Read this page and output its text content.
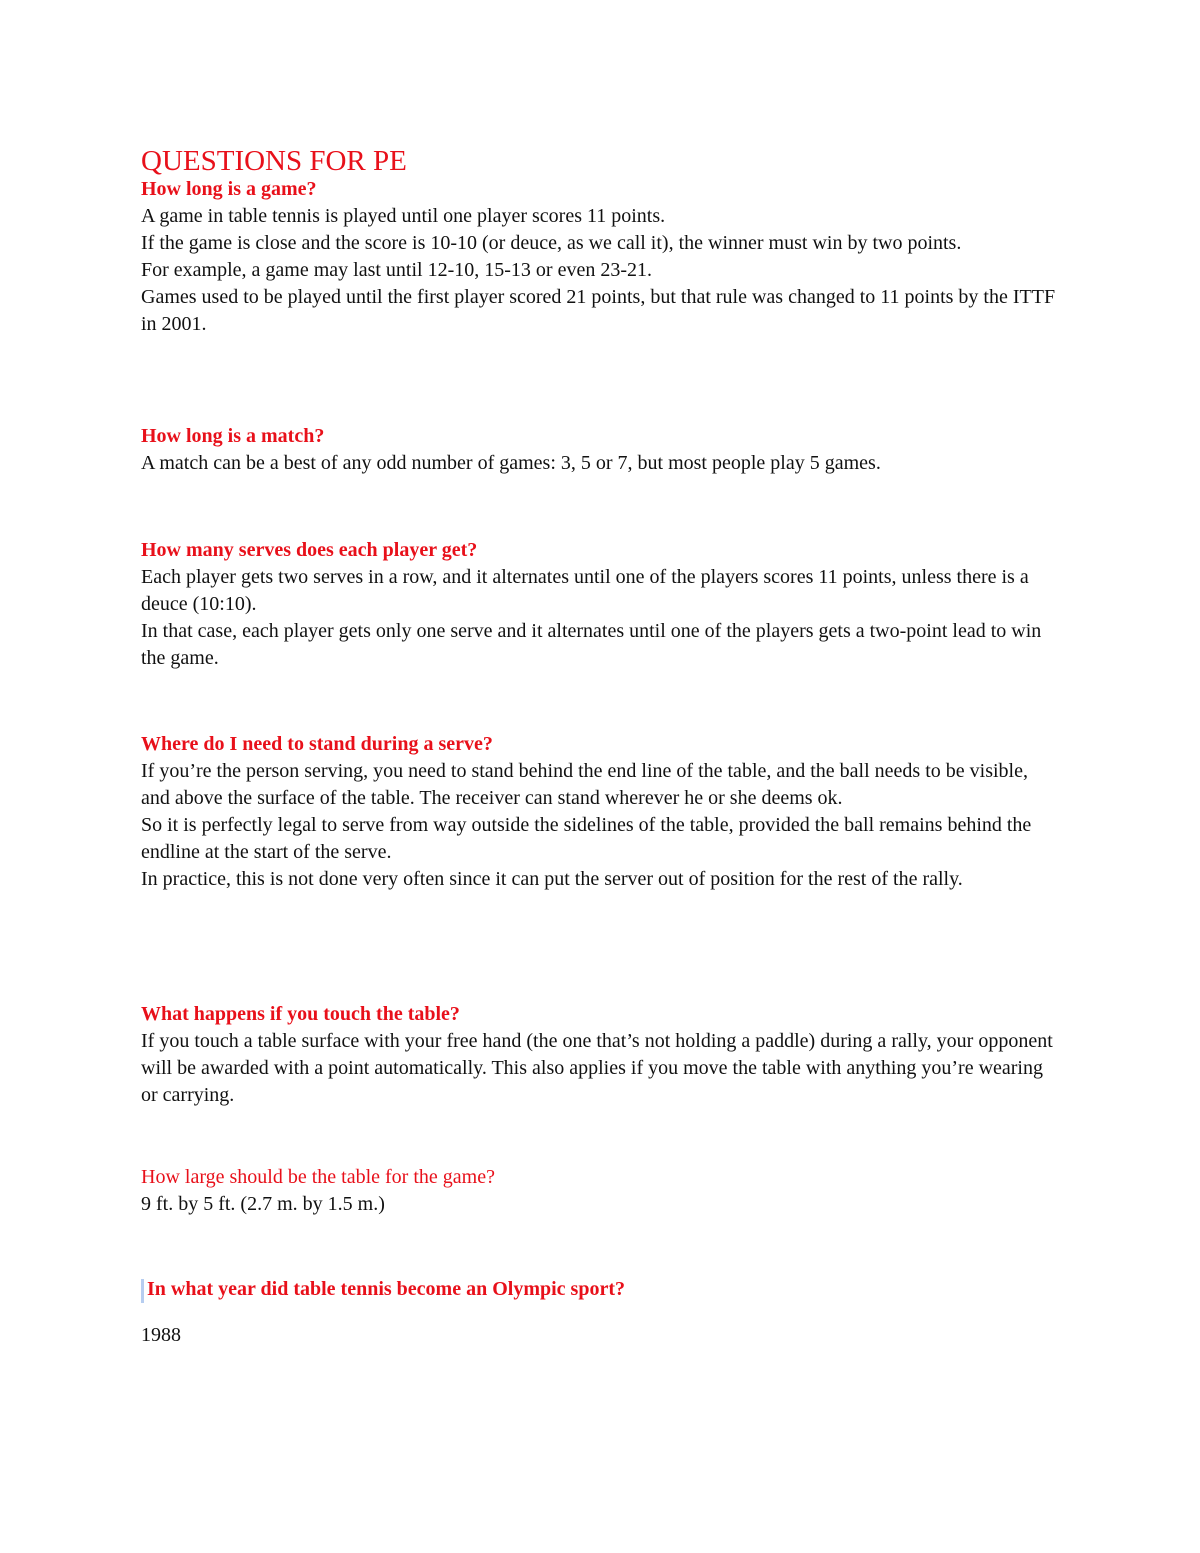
QUESTIONS FOR PE

How long is a game?

A game in table tennis is played until one player scores 11 points.

If the game is close and the score is 10-10 (or deuce, as we call it), the winner must win by two points.

For example, a game may last until 12-10, 15-13 or even 23-21.

Games used to be played until the first player scored 21 points, but that rule was changed to 11 points by the ITTF in 2001.

How long is a match?

A match can be a best of any odd number of games: 3, 5 or 7, but most people play 5 games.

How many serves does each player get?

Each player gets two serves in a row, and it alternates until one of the players scores 11 points, unless there is a deuce (10:10).

In that case, each player gets only one serve and it alternates until one of the players gets a two-point lead to win the game.

Where do I need to stand during a serve?

If you’re the person serving, you need to stand behind the end line of the table, and the ball needs to be visible, and above the surface of the table. The receiver can stand wherever he or she deems ok.

So it is perfectly legal to serve from way outside the sidelines of the table, provided the ball remains behind the endline at the start of the serve.

In practice, this is not done very often since it can put the server out of position for the rest of the rally.

What happens if you touch the table?

If you touch a table surface with your free hand (the one that’s not holding a paddle) during a rally, your opponent will be awarded with a point automatically. This also applies if you move the table with anything you’re wearing or carrying.

How large should be the table for the game?

9 ft. by 5 ft. (2.7 m. by 1.5 m.)

In what year did table tennis become an Olympic sport?

1988
